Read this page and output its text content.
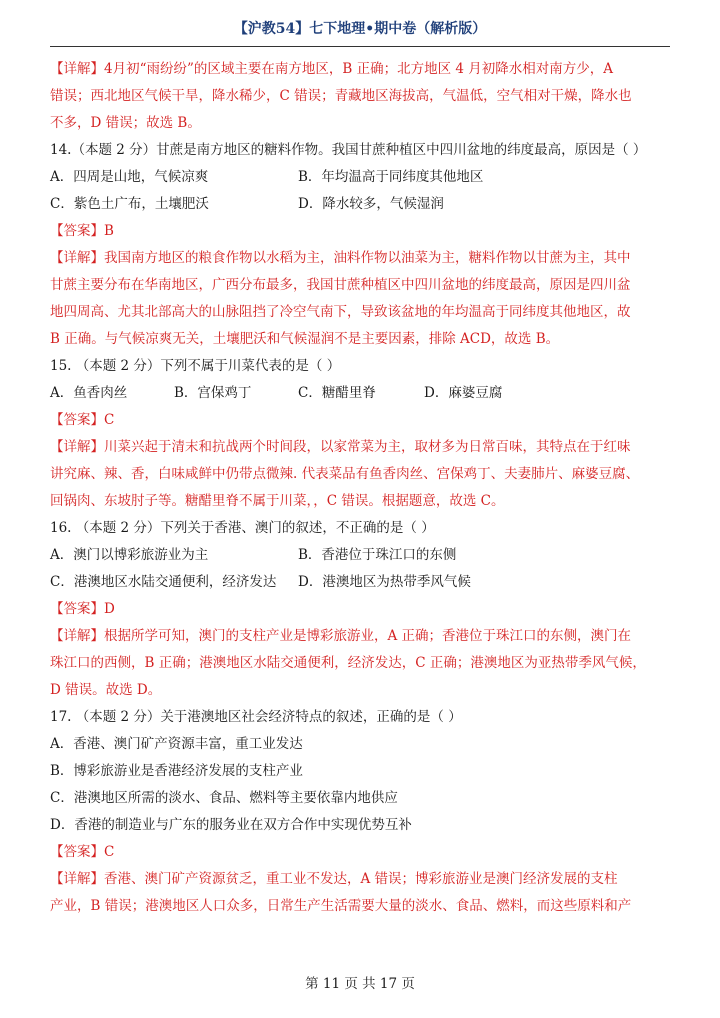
【沪教54】七下地理•期中卷（解析版）
【详解】4月初“雨纷纷”的区域主要在南方地区，B 正确；北方地区 4 月初降水相对南方少，A
错误；西北地区气候干旱，降水稀少，C 错误；青藏地区海拔高，气温低，空气相对干燥，降水也
不多，D 错误；故选 B。
14.（本题 2 分）甘蔗是南方地区的糖料作物。我国甘蔗种植区中四川盆地的纬度最高，原因是（ ）
A．四周是山地，气候凉爽	B．年均温高于同纬度其他地区
C．紫色土广布，土壤肥沃	D．降水较多，气候湿润
【答案】B
【详解】我国南方地区的粮食作物以水稻为主，油料作物以油菜为主，糖料作物以甘蔗为主，其中
甘蔗主要分布在华南地区，广西分布最多，我国甘蔗种植区中四川盆地的纬度最高，原因是四川盆
地四周高、尤其北部高大的山脉阻挡了冷空气南下，导致该盆地的年均温高于同纬度其他地区，故
B 正确。与气候凉爽无关，土壤肥沃和气候湿润不是主要因素，排除 ACD，故选 B。
15. （本题 2 分）下列不属于川菜代表的是（ ）
A．鱼香肉丝	B．宫保鸡丁	C．糖醋里脊	D．麻婆豆腐
【答案】C
【详解】川菜兴起于清末和抗战两个时间段，以家常菜为主，取材多为日常百味，其特点在于红味
讲究麻、辣、香，白味咸鲜中仍带点微辣. 代表菜品有鱼香肉丝、宫保鸡丁、夫妻肺片、麻婆豆腐、
回锅肉、东坡肘子等。糖醋里脊不属于川菜，，C 错误。根据题意，故选 C。
16. （本题 2 分）下列关于香港、澳门的叙述，不正确的是（ ）
A．澳门以博彩旅游业为主	B．香港位于珠江口的东侧
C．港澳地区水陆交通便利，经济发达	D．港澳地区为热带季风气候
【答案】D
【详解】根据所学可知，澳门的支柱产业是博彩旅游业，A 正确；香港位于珠江口的东侧，澳门在
珠江口的西侧，B 正确；港澳地区水陆交通便利，经济发达，C 正确；港澳地区为亚热带季风气候，
D 错误。故选 D。
17. （本题 2 分）关于港澳地区社会经济特点的叙述，正确的是（ ）
A．香港、澳门矿产资源丰富，重工业发达
B．博彩旅游业是香港经济发展的支柱产业
C．港澳地区所需的淡水、食品、燃料等主要依靠内地供应
D．香港的制造业与广东的服务业在双方合作中实现优势互补
【答案】C
【详解】香港、澳门矿产资源贫乏，重工业不发达，A 错误；博彩旅游业是澳门经济发展的支柱
产业，B 错误；港澳地区人口众多，日常生产生活需要大量的淡水、食品、燃料，而这些原料和产
第 11 页 共 17 页
